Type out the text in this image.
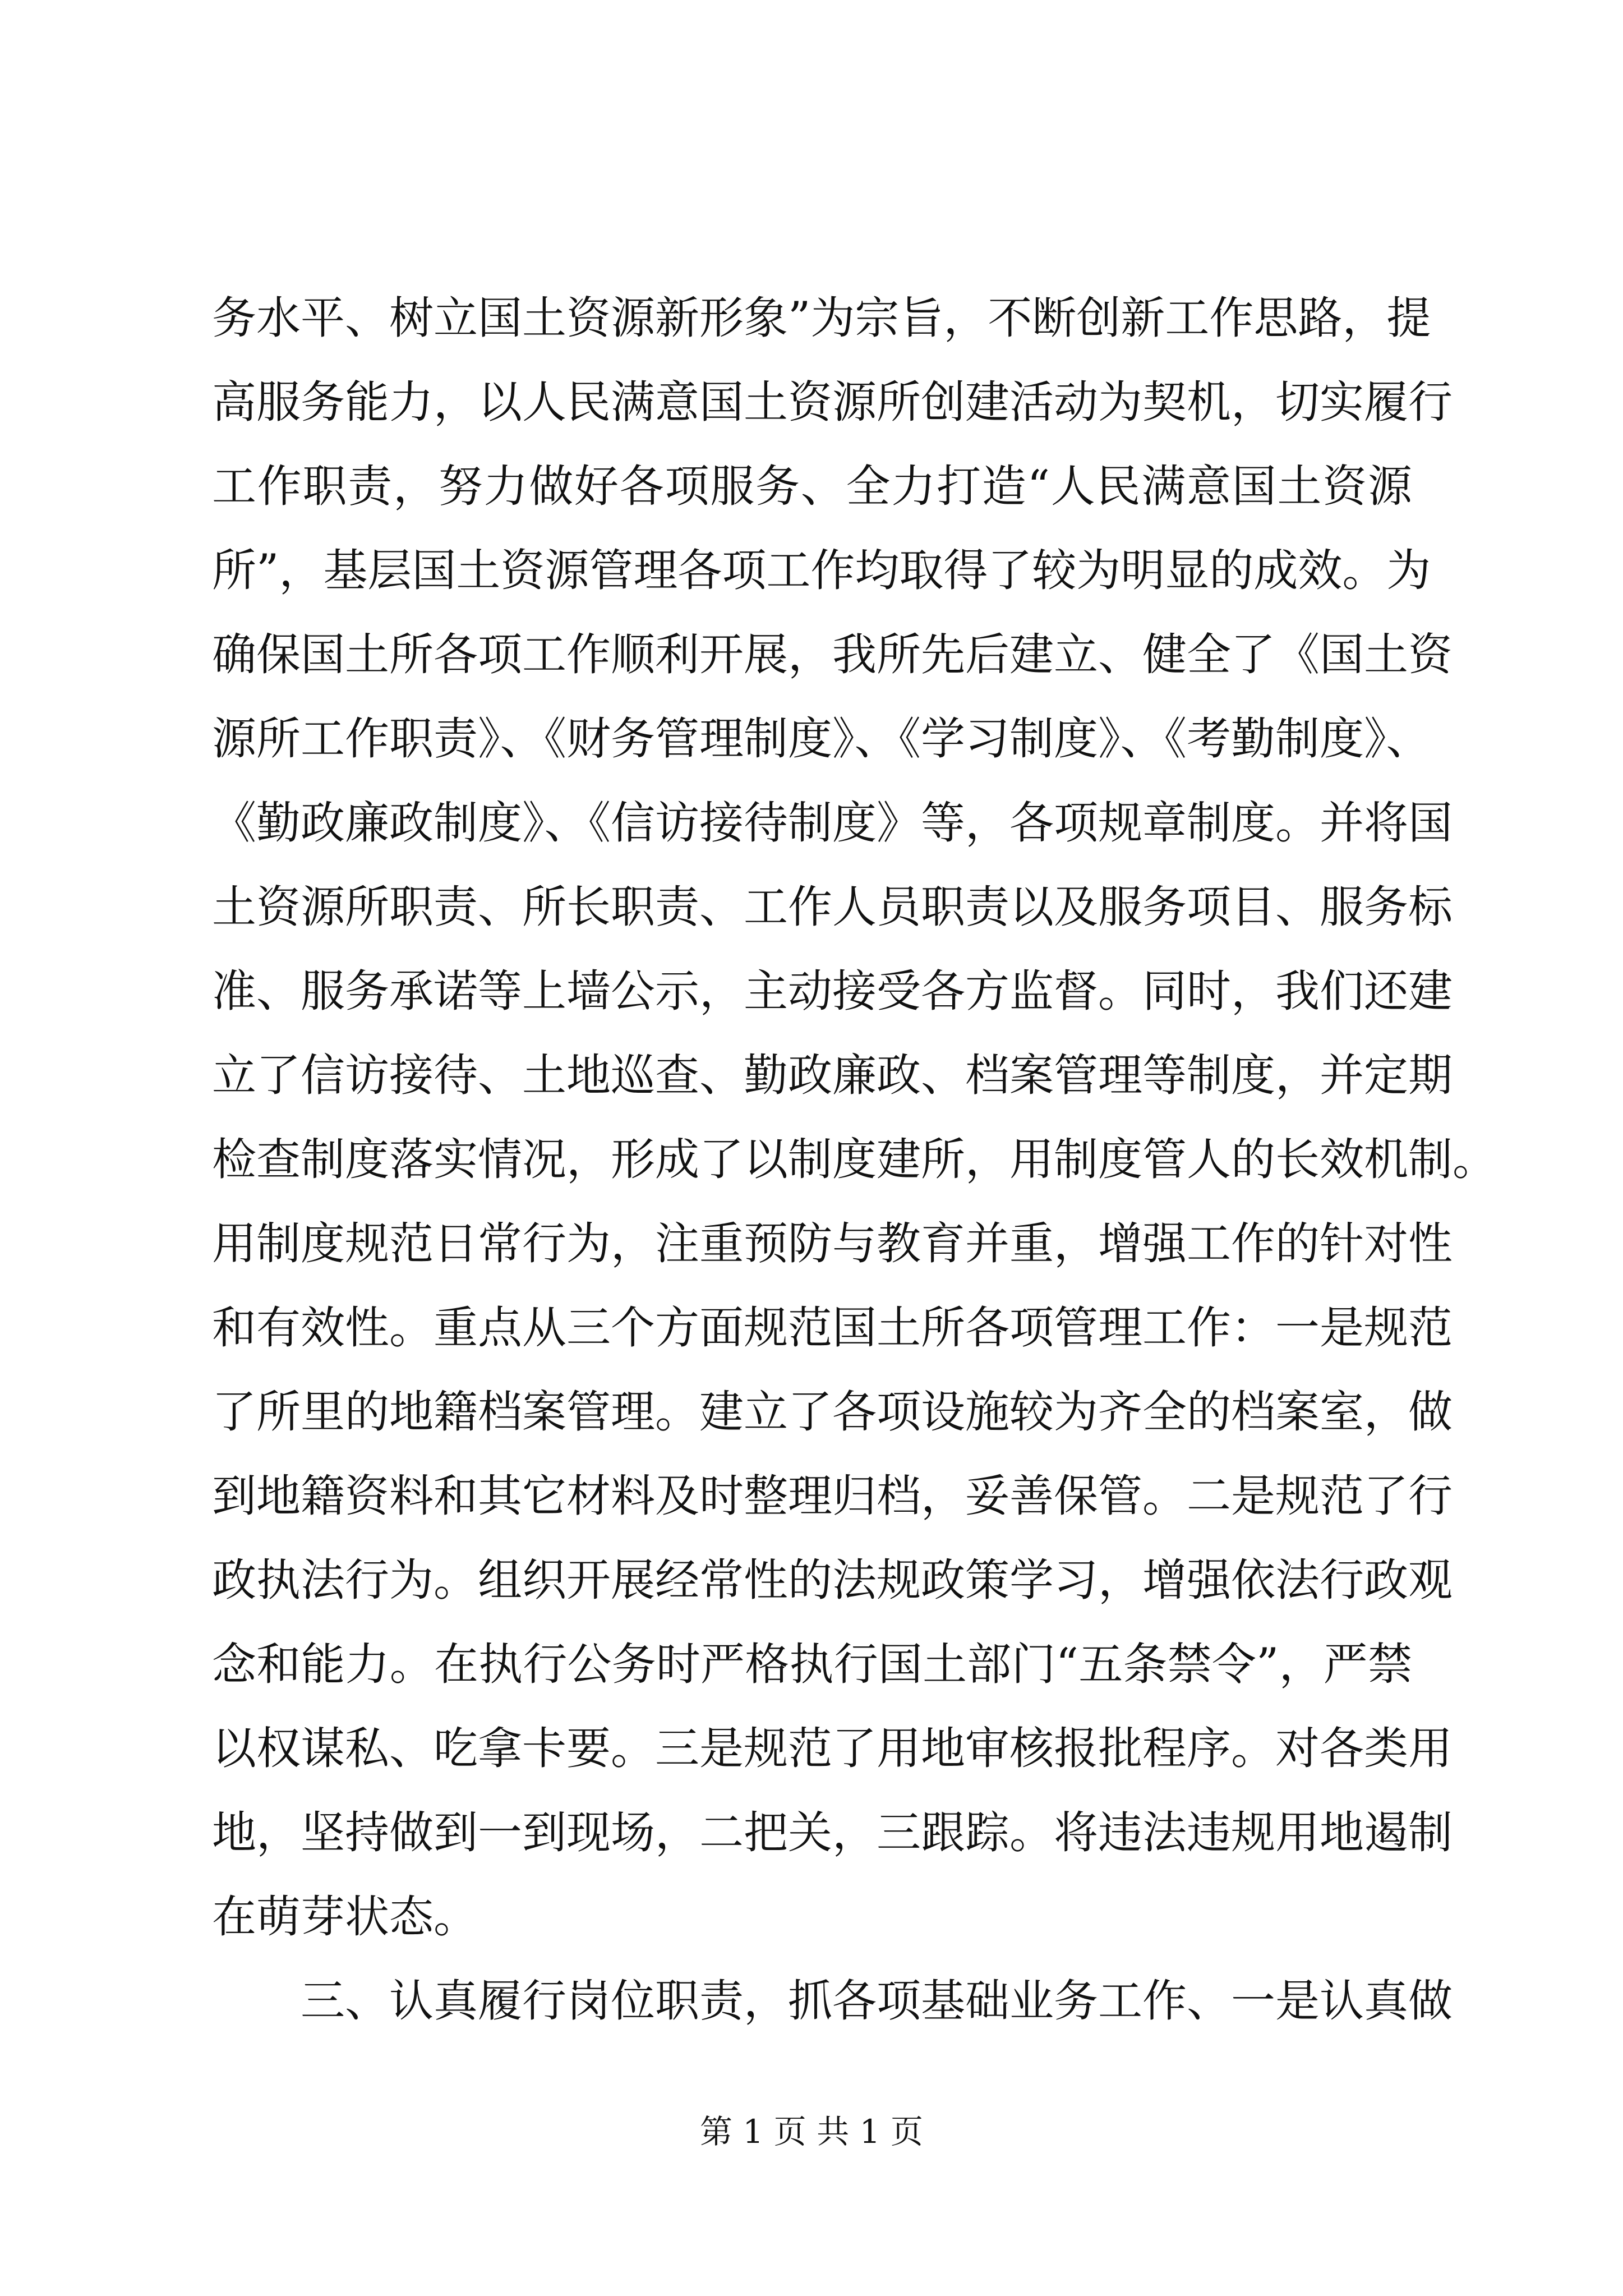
务水平、树立国土资源新形象”为宗旨，不断创新工作思路，提
高服务能力，以人民满意国土资源所创建活动为契机，切实履行
工作职责，努力做好各项服务、全力打造“人民满意国土资源
所”，基层国土资源管理各项工作均取得了较为明显的成效。为
确保国土所各项工作顺利开展，我所先后建立、健全了《国土资
源所工作职责》、《财务管理制度》、《学习制度》、《考勤制度》、
《勤政廉政制度》、《信访接待制度》等，各项规章制度。并将国
土资源所职责、所长职责、工作人员职责以及服务项目、服务标
准、服务承诺等上墙公示，主动接受各方监督。同时，我们还建
立了信访接待、土地巡查、勤政廉政、档案管理等制度，并定期
检查制度落实情况，形成了以制度建所，用制度管人的长效机制。
用制度规范日常行为，注重预防与教育并重，增强工作的针对性
和有效性。重点从三个方面规范国土所各项管理工作：一是规范
了所里的地籍档案管理。建立了各项设施较为齐全的档案室，做
到地籍资料和其它材料及时整理归档，妥善保管。二是规范了行
政执法行为。组织开展经常性的法规政策学习，增强依法行政观
念和能力。在执行公务时严格执行国土部门“五条禁令”，严禁
以权谋私、吃拿卡要。三是规范了用地审核报批程序。对各类用
地，坚持做到一到现场，二把关，三跟踪。将违法违规用地遏制
在萌芽状态。
三、认真履行岗位职责，抓各项基础业务工作、一是认真做
第 1 页 共 1 页
